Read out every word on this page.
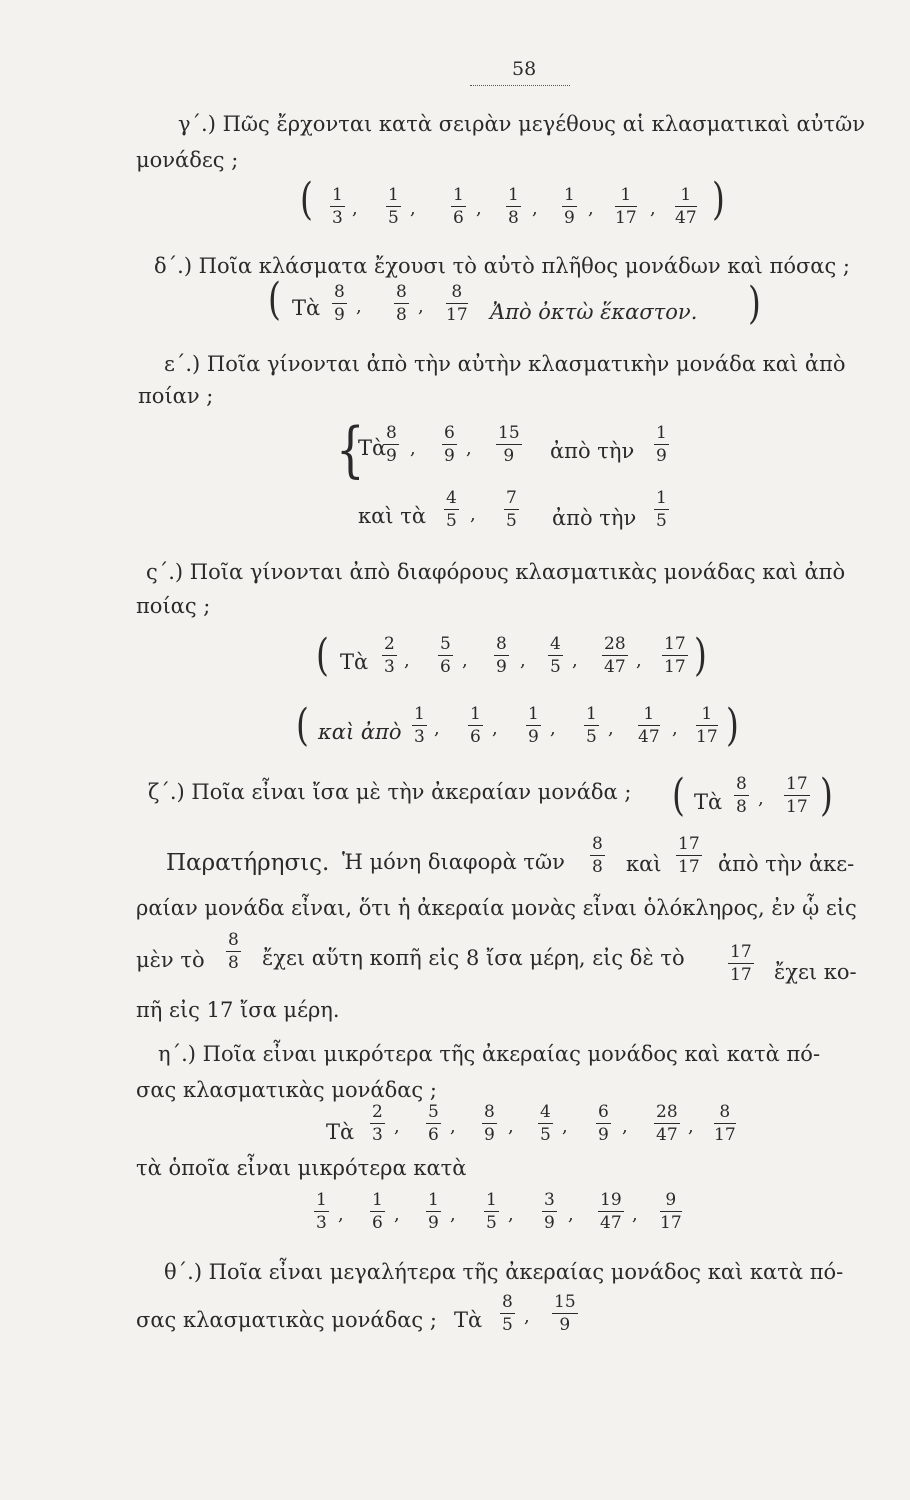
58
γ΄.) Πῶς ἔρχονται κατὰ σειρὰν μεγέθους αἱ κλασματικαὶ αὐτῶν
μονάδες ;
( 1
3 ,
1
5 ,
1
6 ,
1
8 ,
1
9 ,
1
17 ,
1
47 )
δ΄.) Ποῖα κλάσματα ἔχουσι τὸ αὐτὸ πλῆθος μονάδων καὶ πόσας ;
( Τὰ
8
9 ,
8
8 ,
8
17 Ἀπὸ ὀκτὼ ἕκαστον. )
ε΄.) Ποῖα γίνονται ἀπὸ τὴν αὐτὴν κλασματικὴν μονάδα καὶ ἀπὸ
ποίαν ;
{
Τὰ
8
9 ,
6
9 ,
15
9 ἀπὸ τὴν
1
9
καὶ τὰ
4
5 ,
7
5 ἀπὸ τὴν
1
5
ς΄.) Ποῖα γίνονται ἀπὸ διαφόρους κλασματικὰς μονάδας καὶ ἀπὸ
ποίας ;
( Τὰ
2
3 ,
5
6 ,
8
9 ,
4
5 ,
28
47 ,
17
17 )
( καὶ ἀπὸ
1
3 ,
1
6 ,
1
9 ,
1
5 ,
1
47 ,
1
17 )
ζ΄.) Ποῖα εἶναι ἴσα μὲ τὴν ἀκεραίαν μονάδα ; ( Τὰ
8
8 ,
17
17 )
Παρατήρησις. Ἡ μόνη διαφορὰ τῶν
8
8 καὶ
17
17 ἀπὸ τὴν ἀκε-
ραίαν μονάδα εἶναι, ὅτι ἡ ἀκεραία μονὰς εἶναι ὁλόκληρος, ἐν ᾧ εἰς
μὲν τὸ
8
8 ἔχει αὕτη κοπῆ εἰς 8 ἴσα μέρη, εἰς δὲ τὸ	17
17 ἔχει κο-
πῆ εἰς 17 ἴσα μέρη.
η΄.) Ποῖα εἶναι μικρότερα τῆς ἀκεραίας μονάδος καὶ κατὰ πό-
σας κλασματικὰς μονάδας ;
Τὰ
2
3 ,
5
6 ,
8
9 ,
4
5 ,
6
9 ,
28
47 ,
8
17
τὰ ὁποῖα εἶναι μικρότερα κατὰ
1
3 ,
1
6 ,
1
9 ,
1
5 ,
3
9 ,
19
47 ,
9
17
θ΄.) Ποῖα εἶναι μεγαλήτερα τῆς ἀκεραίας μονάδος καὶ κατὰ πό-
σας κλασματικὰς μονάδας ; Τὰ
8
5 ,
15
9
